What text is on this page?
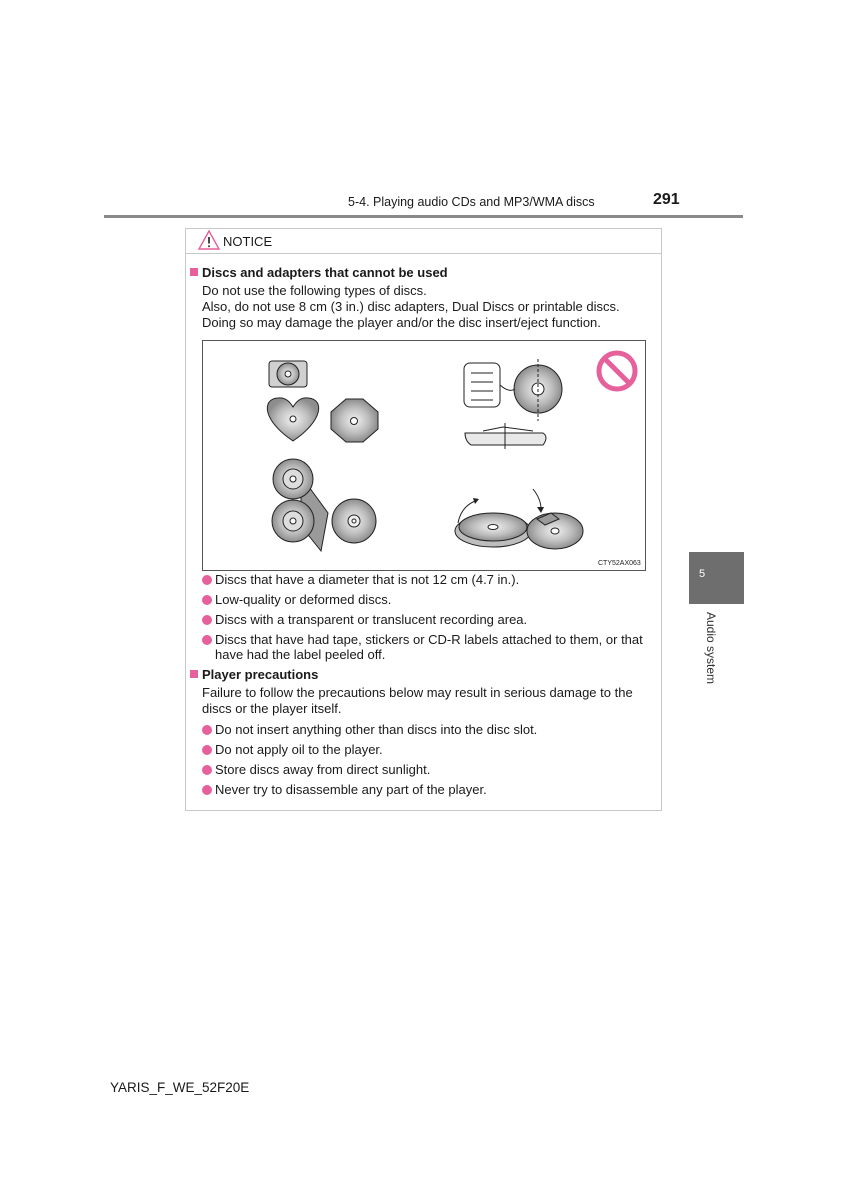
5-4. Playing audio CDs and MP3/WMA discs	291
5
Audio system
NOTICE
Discs and adapters that cannot be used
Do not use the following types of discs.
Also, do not use 8 cm (3 in.) disc adapters, Dual Discs or printable discs.
Doing so may damage the player and/or the disc insert/eject function.
CTY52AX063
Discs that have a diameter that is not 12 cm (4.7 in.).
Low-quality or deformed discs.
Discs with a transparent or translucent recording area.
Discs that have had tape, stickers or CD-R labels attached to them, or that
have had the label peeled off.
Player precautions
Failure to follow the precautions below may result in serious damage to the
discs or the player itself.
Do not insert anything other than discs into the disc slot.
Do not apply oil to the player.
Store discs away from direct sunlight.
Never try to disassemble any part of the player.
YARIS_F_WE_52F20E
